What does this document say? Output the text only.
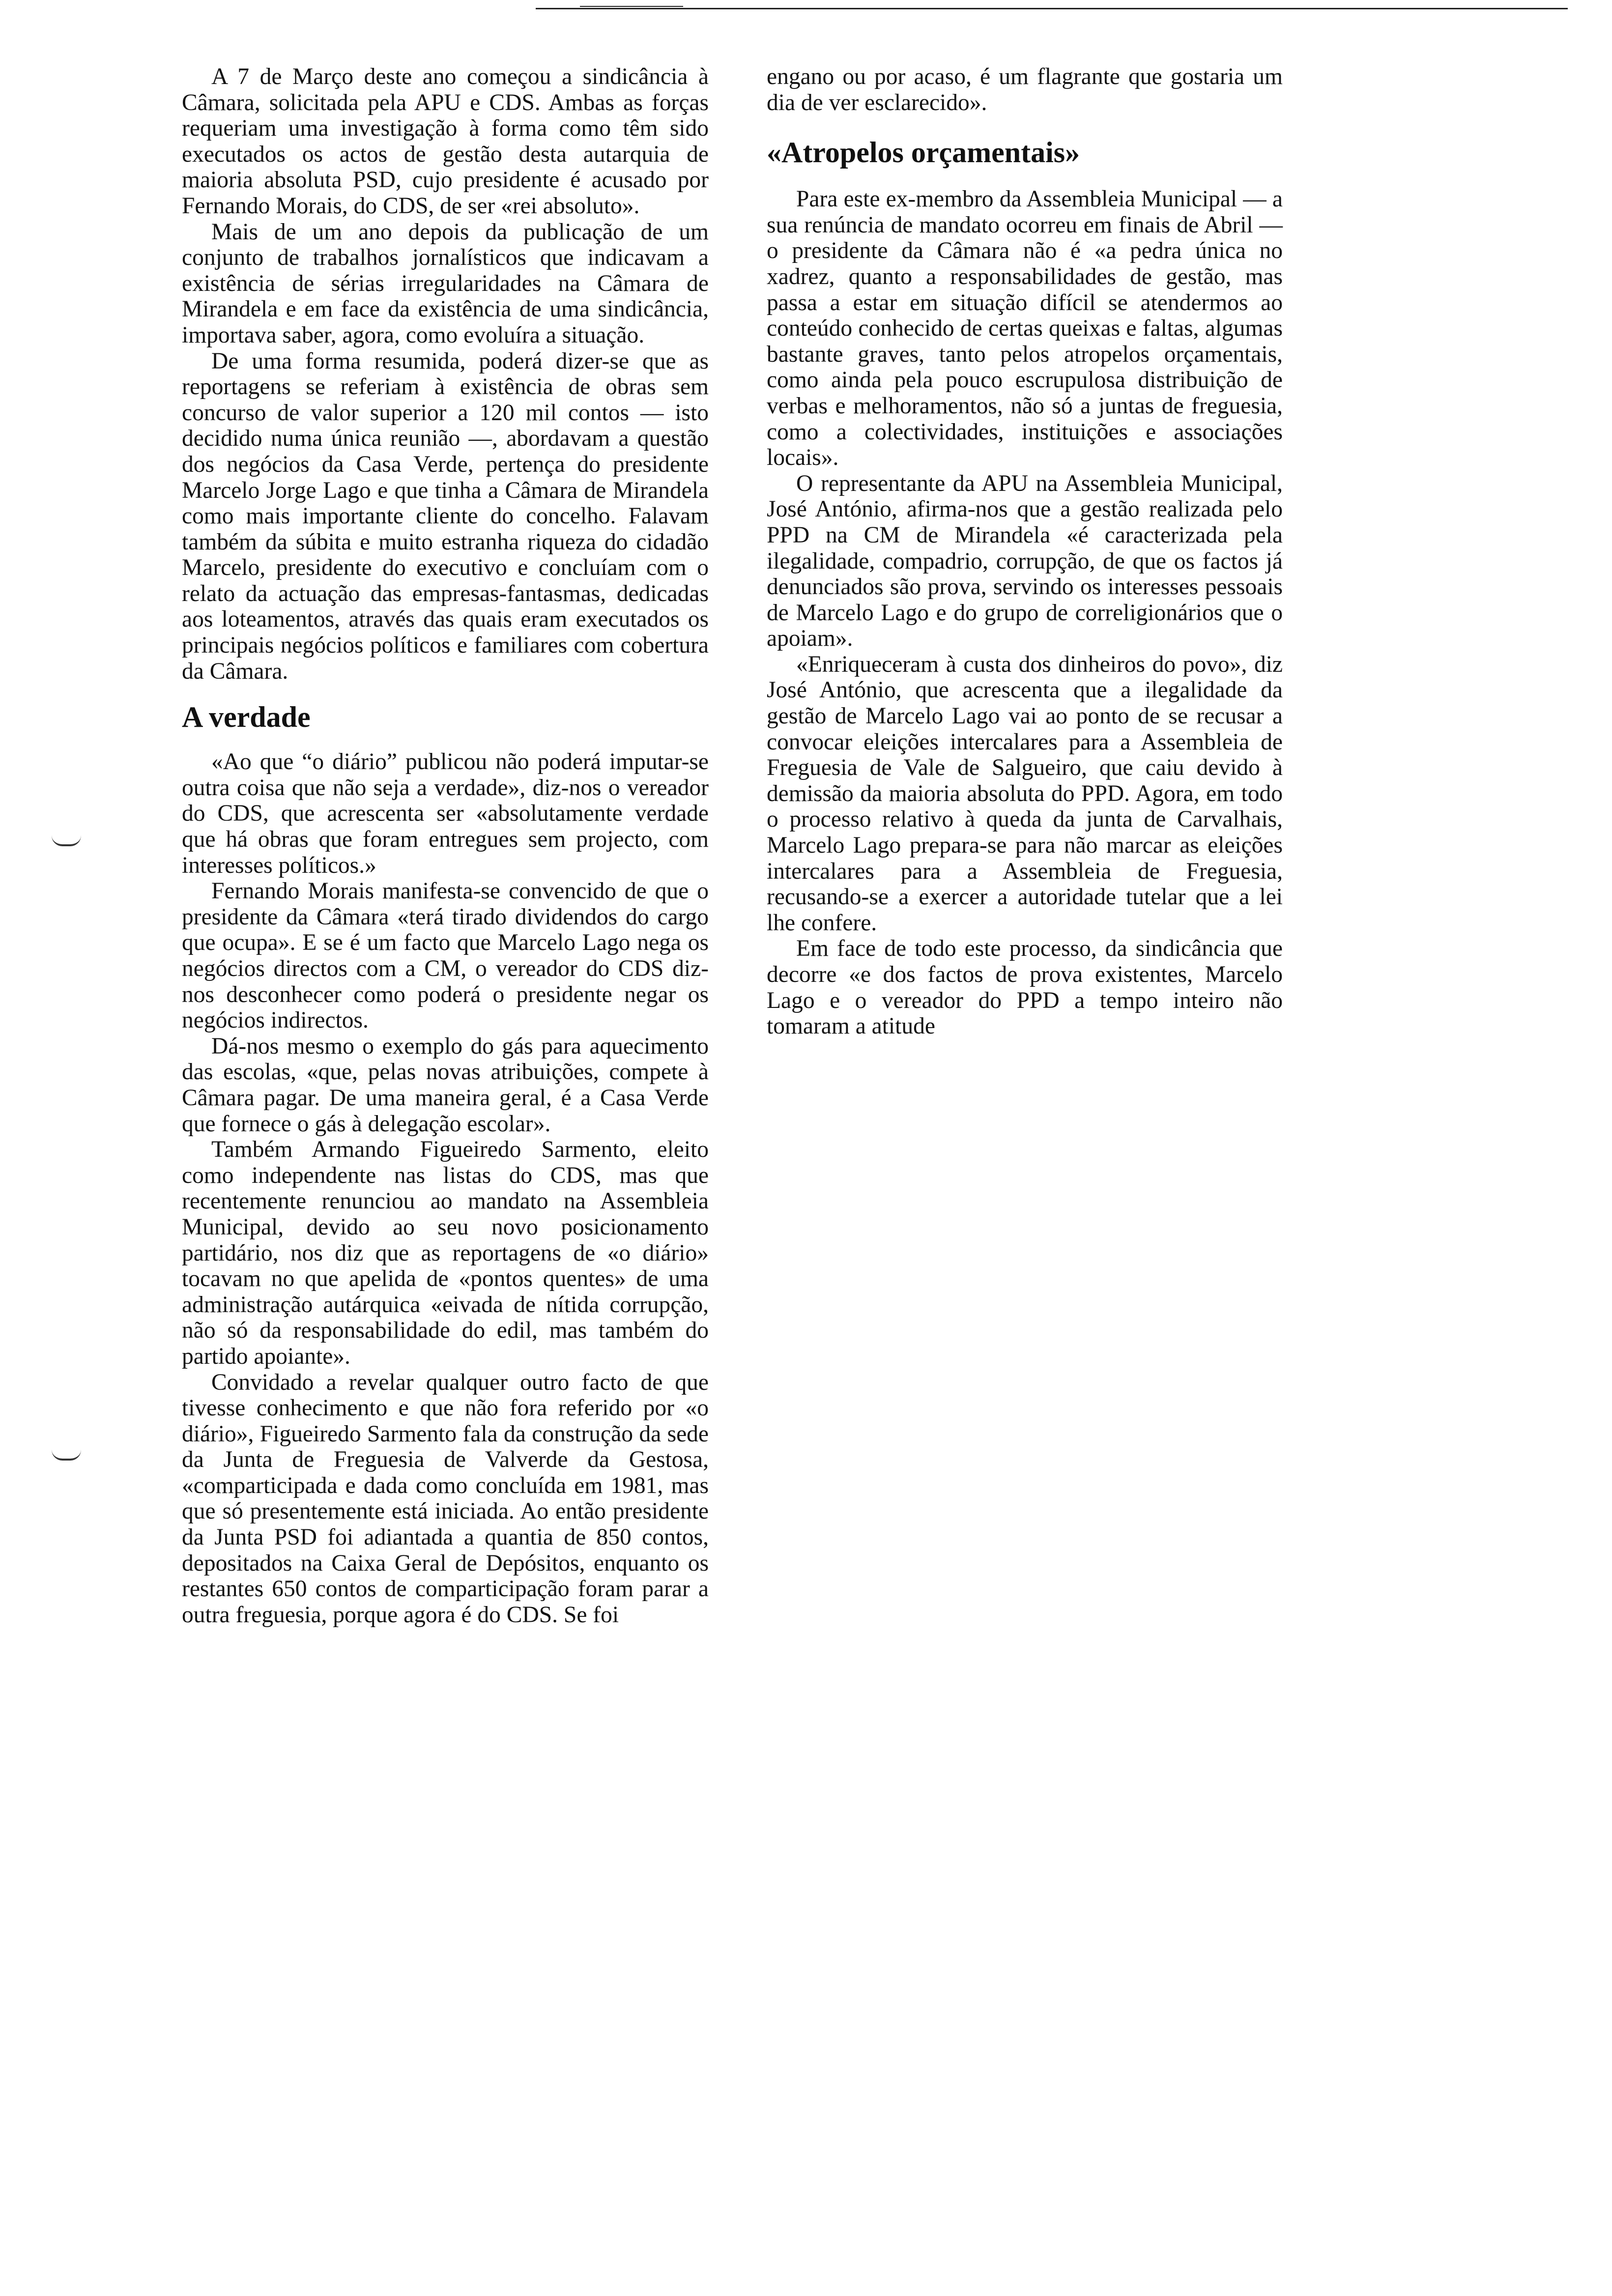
A 7 de Março deste ano começou a sindicância à Câmara, solicitada pela APU e CDS. Ambas as forças requeriam uma investigação à forma como têm sido executados os actos de gestão desta autarquia de maioria absoluta PSD, cujo presidente é acusado por Fernando Morais, do CDS, de ser «rei absoluto».

Mais de um ano depois da publicação de um conjunto de trabalhos jornalísticos que indicavam a existência de sérias irregularidades na Câmara de Mirandela e em face da existência de uma sindicância, importava saber, agora, como evoluíra a situação.

De uma forma resumida, poderá dizer-se que as reportagens se referiam à existência de obras sem concurso de valor superior a 120 mil contos — isto decidido numa única reunião —, abordavam a questão dos negócios da Casa Verde, pertença do presidente Marcelo Jorge Lago e que tinha a Câmara de Mirandela como mais importante cliente do concelho. Falavam também da súbita e muito estranha riqueza do cidadão Marcelo, presidente do executivo e concluíam com o relato da actuação das empresas-fantasmas, dedicadas aos loteamentos, através das quais eram executados os principais negócios políticos e familiares com cobertura da Câmara.

A verdade

«Ao que “o diário” publicou não poderá imputar-se outra coisa que não seja a verdade», diz-nos o vereador do CDS, que acrescenta ser «absolutamente verdade que há obras que foram entregues sem projecto, com interesses políticos.»

Fernando Morais manifesta-se convencido de que o presidente da Câmara «terá tirado dividendos do cargo que ocupa». E se é um facto que Marcelo Lago nega os negócios directos com a CM, o vereador do CDS diz-nos desconhecer como poderá o presidente negar os negócios indirectos.

Dá-nos mesmo o exemplo do gás para aquecimento das escolas, «que, pelas novas atribuições, compete à Câmara pagar. De uma maneira geral, é a Casa Verde que fornece o gás à delegação escolar».

Também Armando Figueiredo Sarmento, eleito como independente nas listas do CDS, mas que recentemente renunciou ao mandato na Assembleia Municipal, devido ao seu novo posicionamento partidário, nos diz que as reportagens de «o diário» tocavam no que apelida de «pontos quentes» de uma administração autárquica «eivada de nítida corrupção, não só da responsabilidade do edil, mas também do partido apoiante».

Convidado a revelar qualquer outro facto de que tivesse conhecimento e que não fora referido por «o diário», Figueiredo Sarmento fala da construção da sede da Junta de Freguesia de Valverde da Gestosa, «comparticipada e dada como concluída em 1981, mas que só presentemente está iniciada. Ao então presidente da Junta PSD foi adiantada a quantia de 850 contos, depositados na Caixa Geral de Depósitos, enquanto os restantes 650 contos de comparticipação foram parar a outra freguesia, porque agora é do CDS. Se foi

engano ou por acaso, é um flagrante que gostaria um dia de ver esclarecido».

«Atropelos orçamentais»

Para este ex-membro da Assembleia Municipal — a sua renúncia de mandato ocorreu em finais de Abril — o presidente da Câmara não é «a pedra única no xadrez, quanto a responsabilidades de gestão, mas passa a estar em situação difícil se atendermos ao conteúdo conhecido de certas queixas e faltas, algumas bastante graves, tanto pelos atropelos orçamentais, como ainda pela pouco escrupulosa distribuição de verbas e melhoramentos, não só a juntas de freguesia, como a colectividades, instituições e associações locais».

O representante da APU na Assembleia Municipal, José António, afirma-nos que a gestão realizada pelo PPD na CM de Mirandela «é caracterizada pela ilegalidade, compadrio, corrupção, de que os factos já denunciados são prova, servindo os interesses pessoais de Marcelo Lago e do grupo de correligionários que o apoiam».

«Enriqueceram à custa dos dinheiros do povo», diz José António, que acrescenta que a ilegalidade da gestão de Marcelo Lago vai ao ponto de se recusar a convocar eleições intercalares para a Assembleia de Freguesia de Vale de Salgueiro, que caiu devido à demissão da maioria absoluta do PPD. Agora, em todo o processo relativo à queda da junta de Carvalhais, Marcelo Lago prepara-se para não marcar as eleições intercalares para a Assembleia de Freguesia, recusando-se a exercer a autoridade tutelar que a lei lhe confere.

Em face de todo este processo, da sindicância que decorre «e dos factos de prova existentes, Marcelo Lago e o vereador do PPD a tempo inteiro não tomaram a atitude
